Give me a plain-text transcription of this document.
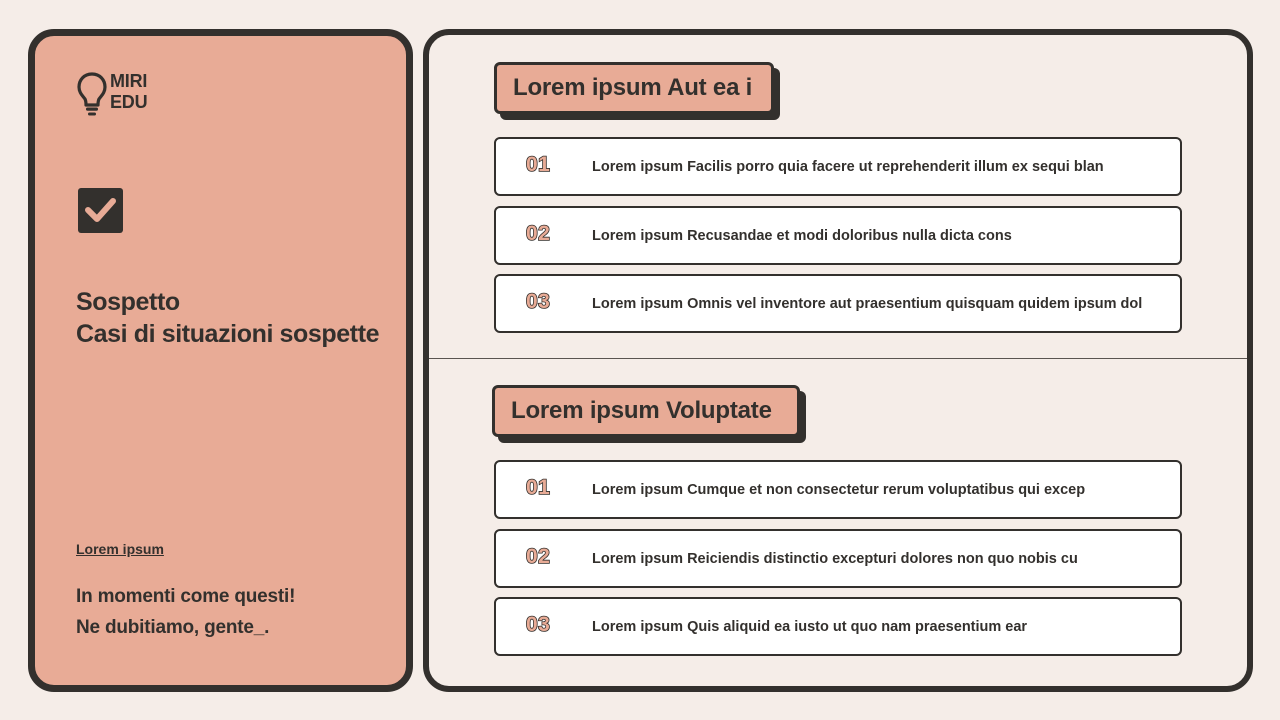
MIRI
EDU
Sospetto
Casi di situazioni sospette
Lorem ipsum
In momenti come questi!
Ne dubitiamo, gente_.
Lorem ipsum Aut ea i
01	Lorem ipsum Facilis porro quia facere ut reprehenderit illum ex sequi blan
02	Lorem ipsum Recusandae et modi doloribus nulla dicta cons
03	Lorem ipsum Omnis vel inventore aut praesentium quisquam quidem ipsum dol
Lorem ipsum Voluptate
01	Lorem ipsum Cumque et non consectetur rerum voluptatibus qui excep
02	Lorem ipsum Reiciendis distinctio excepturi dolores non quo nobis cu
03	Lorem ipsum Quis aliquid ea iusto ut quo nam praesentium ear
